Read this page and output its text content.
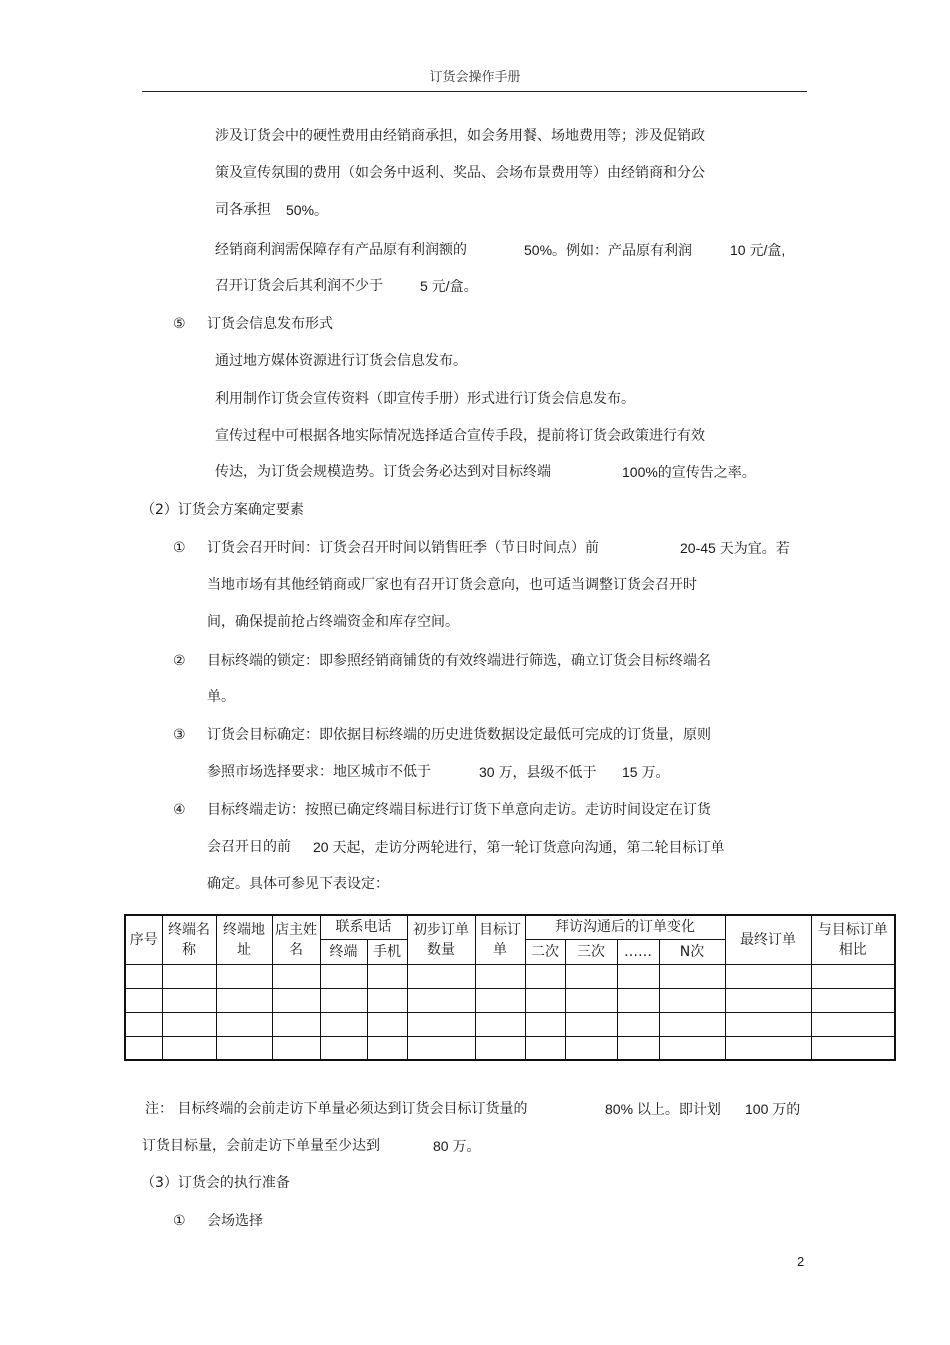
订货会操作手册
涉及订货会中的硬性费用由经销商承担，如会务用餐、场地费用等；涉及促销政
策及宣传氛围的费用（如会务中返利、奖品、会场布景费用等）由经销商和分公
司各承担 50%。
经销商利润需保障存有产品原有利润额的	50%。例如：产品原有利润	10 元/盒,
召开订货会后其利润不少于	5 元/盒。
⑤ 订货会信息发布形式
通过地方媒体资源进行订货会信息发布。
利用制作订货会宣传资料（即宣传手册）形式进行订货会信息发布。
宣传过程中可根据各地实际情况选择适合宣传手段，提前将订货会政策进行有效
传达，为订货会规模造势。订货会务必达到对目标终端	100%的宣传告之率。
（2）订货会方案确定要素
① 订货会召开时间：订货会召开时间以销售旺季（节日时间点）前	20-45 天为宜。若
当地市场有其他经销商或厂家也有召开订货会意向，也可适当调整订货会召开时
间，确保提前抢占终端资金和库存空间。
② 目标终端的锁定：即参照经销商铺货的有效终端进行筛选，确立订货会目标终端名
单。
③ 订货会目标确定：即依据目标终端的历史进货数据设定最低可完成的订货量，原则
参照市场选择要求：地区城市不低于	30 万，县级不低于 15 万。
④ 目标终端走访：按照已确定终端目标进行订货下单意向走访。走访时间设定在订货
会召开日的前 20 天起，走访分两轮进行，第一轮订货意向沟通，第二轮目标订单
确定。具体可参见下表设定：
序号	终端名称	终端地址	店主姓名	联系电话		初步订单数量	目标订单	拜访沟通后的订单变化				最终订单	与目标订单相比
				终端	手机			二次	三次	……	N次		

注： 目标终端的会前走访下单量必须达到订货会目标订货量的	80% 以上。即计划 100 万的
订货目标量，会前走访下单量至少达到	80 万。
（3）订货会的执行准备
① 会场选择
2
